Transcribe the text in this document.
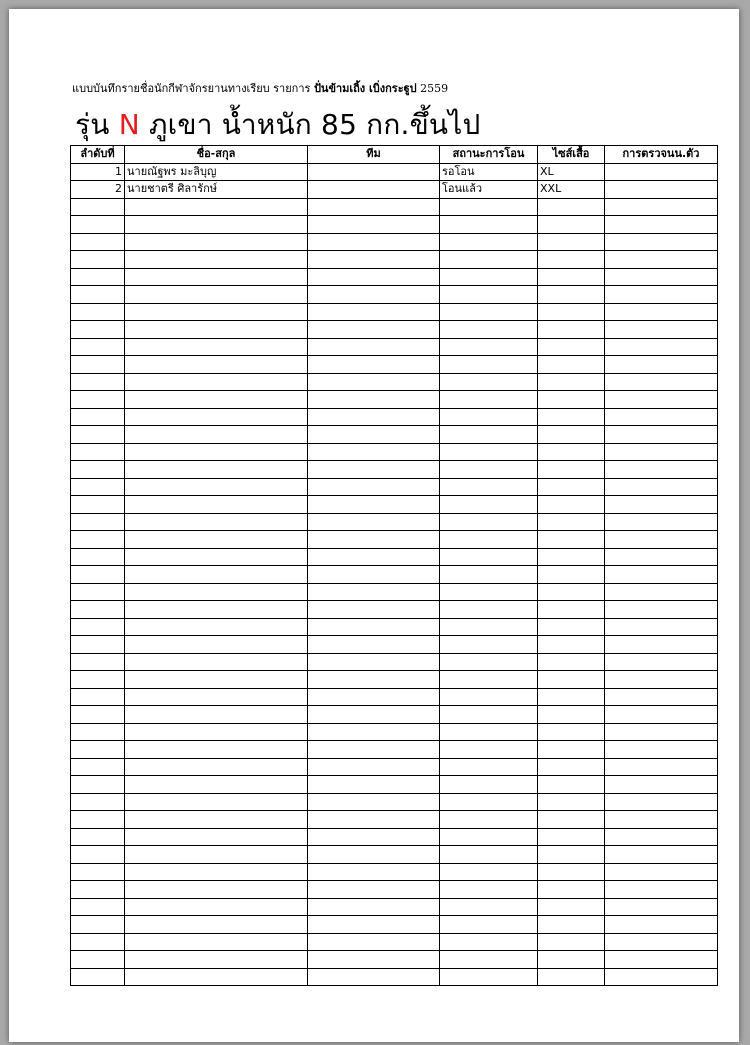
แบบบันทึกรายชื่อนักกีฬาจักรยานทางเรียบ รายการ ปั่นข้ามเถิ้ง เบิ่งกระฐูป 2559
รุ่น N ภูเขา น้ำหนัก 85 กก.ขึ้นไป
ลำดับที่	ชื่อ-สกุล	ทีม	สถานะการโอน	ไซส์เสื้อ	การตรวจนน.ตัว
1	นายณัฐพร มะลิบุญ		รอโอน	XL	
2	นายชาตรี ศิลารักษ์		โอนแล้ว	XXL	
